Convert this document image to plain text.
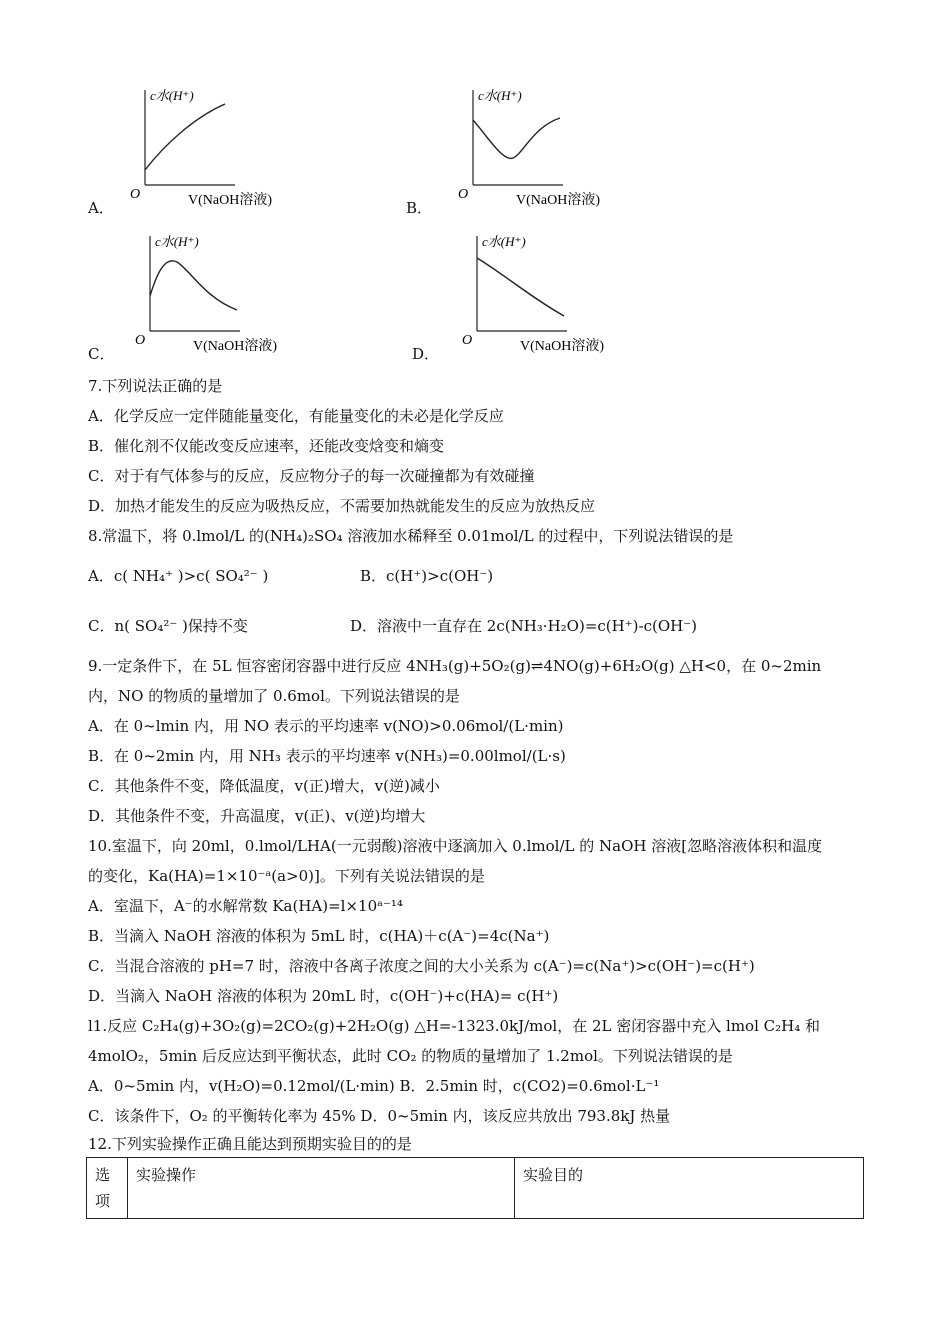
c水(H⁺)
O	V(NaOH溶液)
A．
c水(H⁺)
O	V(NaOH溶液)
B．
c水(H⁺)
O	V(NaOH溶液)
C．
c水(H⁺)
O	V(NaOH溶液)
D．
7.下列说法正确的是
A．化学反应一定伴随能量变化，有能量变化的未必是化学反应
B．催化剂不仅能改变反应速率，还能改变焓变和熵变
C．对于有气体参与的反应，反应物分子的每一次碰撞都为有效碰撞
D．加热才能发生的反应为吸热反应，不需要加热就能发生的反应为放热反应
8.常温下，将 0.lmol/L 的(NH₄)₂SO₄ 溶液加水稀释至 0.01mol/L 的过程中，下列说法错误的是
A．c( NH₄⁺ )>c( SO₄²⁻ )	B．c(H⁺)>c(OH⁻)
C．n( SO₄²⁻ )保持不变	D．溶液中一直存在 2c(NH₃·H₂O)=c(H⁺)-c(OH⁻)
9.一定条件下，在 5L 恒容密闭容器中进行反应 4NH₃(g)+5O₂(g)⇌4NO(g)+6H₂O(g) △H<0，在 0~2min
内，NO 的物质的量增加了 0.6mol。下列说法错误的是
A．在 0~lmin 内，用 NO 表示的平均速率 v(NO)>0.06mol/(L·min)
B．在 0~2min 内，用 NH₃ 表示的平均速率 v(NH₃)=0.00lmol/(L·s)
C．其他条件不变，降低温度，v(正)增大，v(逆)减小
D．其他条件不变，升高温度，v(正)、v(逆)均增大
10.室温下，向 20ml，0.lmol/LHA(一元弱酸)溶液中逐滴加入 0.lmol/L 的 NaOH 溶液[忽略溶液体积和温度
的变化，Ka(HA)=1×10⁻ᵃ(a>0)]。下列有关说法错误的是
A．室温下，A⁻的水解常数 Ka(HA)=l×10ᵃ⁻¹⁴
B．当滴入 NaOH 溶液的体积为 5mL 时，c(HA)＋c(A⁻)=4c(Na⁺)
C．当混合溶液的 pH=7 时，溶液中各离子浓度之间的大小关系为 c(A⁻)=c(Na⁺)>c(OH⁻)=c(H⁺)
D．当滴入 NaOH 溶液的体积为 20mL 时，c(OH⁻)+c(HA)= c(H⁺)
l1.反应 C₂H₄(g)+3O₂(g)=2CO₂(g)+2H₂O(g) △H=-1323.0kJ/mol，在 2L 密闭容器中充入 lmol C₂H₄ 和
4molO₂，5min 后反应达到平衡状态，此时 CO₂ 的物质的量增加了 1.2mol。下列说法错误的是
A．0~5min 内，v(H₂O)=0.12mol/(L·min) B．2.5min 时，c(CO2)=0.6mol·L⁻¹
C．该条件下，O₂ 的平衡转化率为 45% D．0~5min 内，该反应共放出 793.8kJ 热量
12.下列实验操作正确且能达到预期实验目的的是
选
项
	实验操作	实验目的
